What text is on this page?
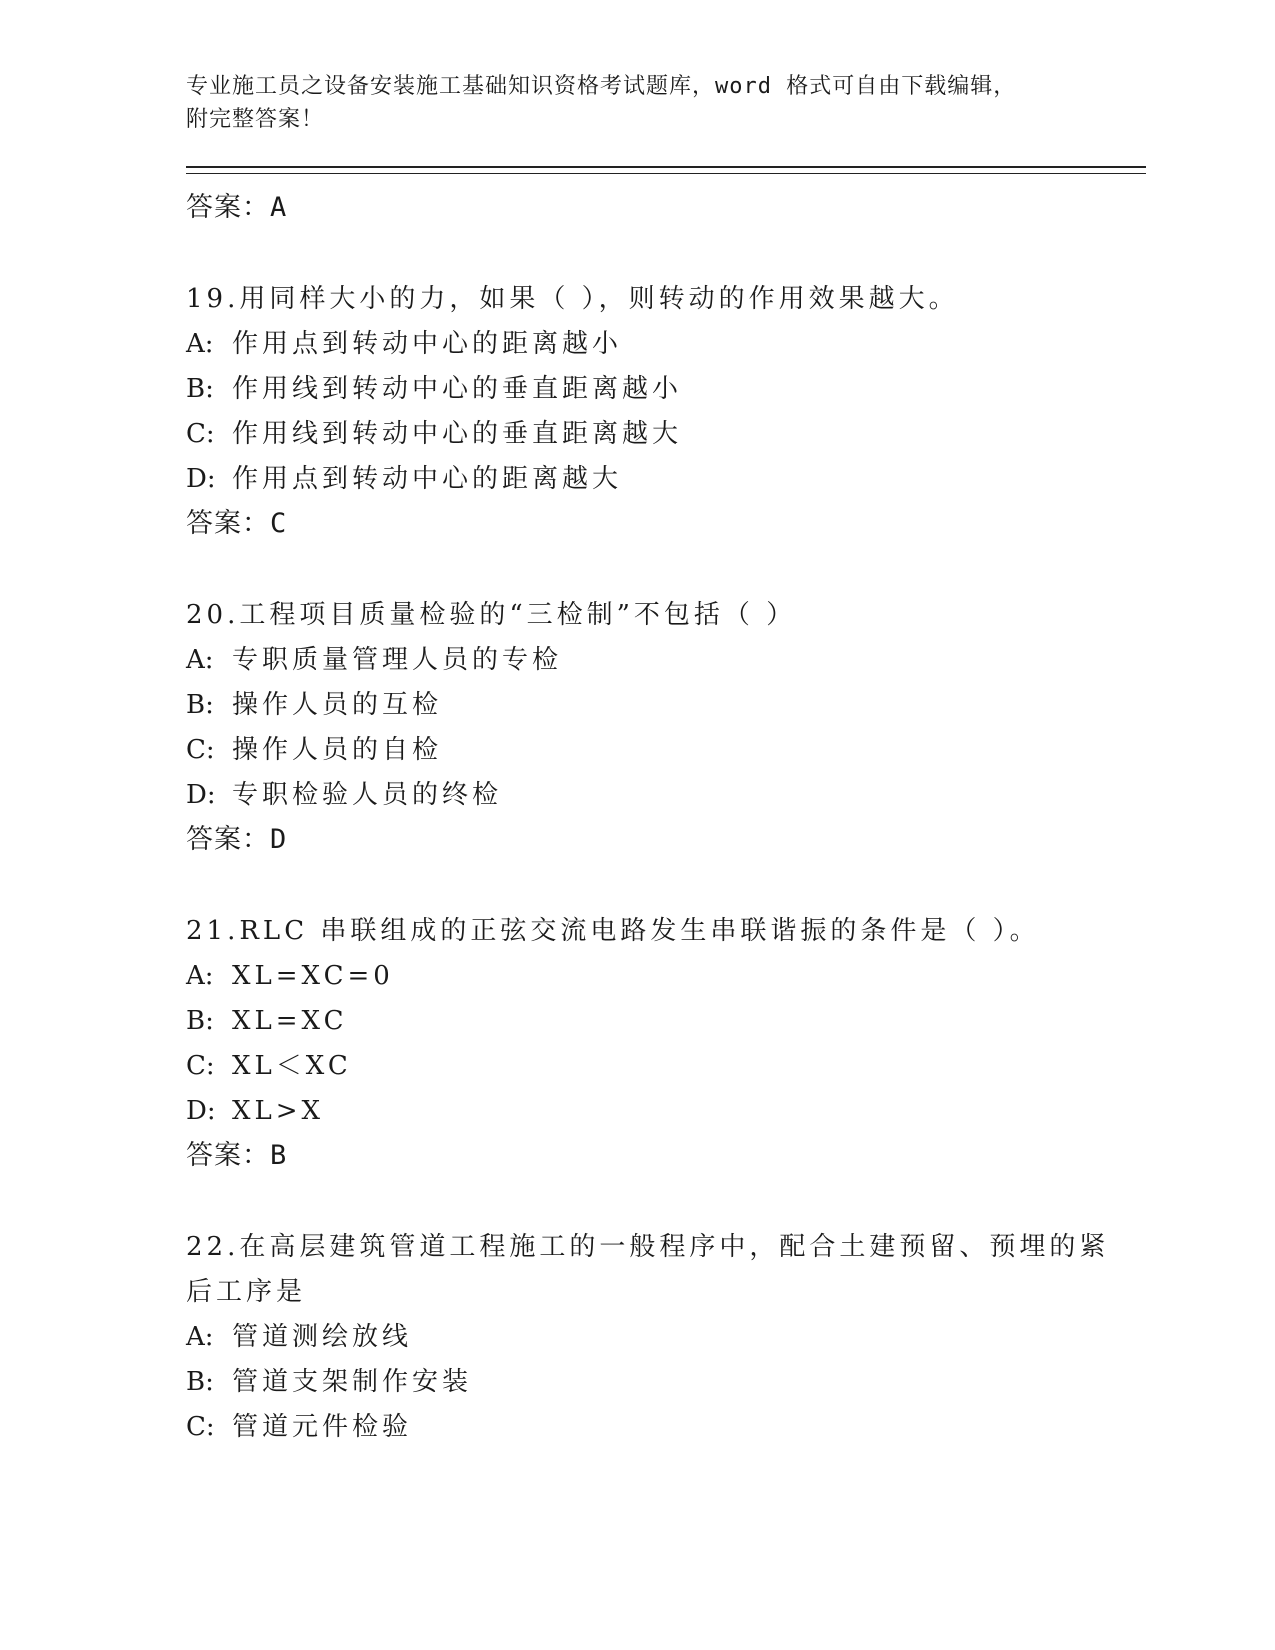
专业施工员之设备安装施工基础知识资格考试题库，word 格式可自由下载编辑，
附完整答案！

答案：A

19.用同样大小的力，如果（ ），则转动的作用效果越大。

A: 作用点到转动中心的距离越小

B: 作用线到转动中心的垂直距离越小

C: 作用线到转动中心的垂直距离越大

D: 作用点到转动中心的距离越大

答案：C

20.工程项目质量检验的“三检制”不包括（ ）

A: 专职质量管理人员的专检

B: 操作人员的互检

C: 操作人员的自检

D: 专职检验人员的终检

答案：D

21.RLC 串联组成的正弦交流电路发生串联谐振的条件是（ ）。

A: XL=XC=0

B: XL=XC

C: XL＜XC

D: XL>X

答案：B

22.在高层建筑管道工程施工的一般程序中，配合土建预留、预埋的紧
后工序是

A: 管道测绘放线

B: 管道支架制作安装

C: 管道元件检验
